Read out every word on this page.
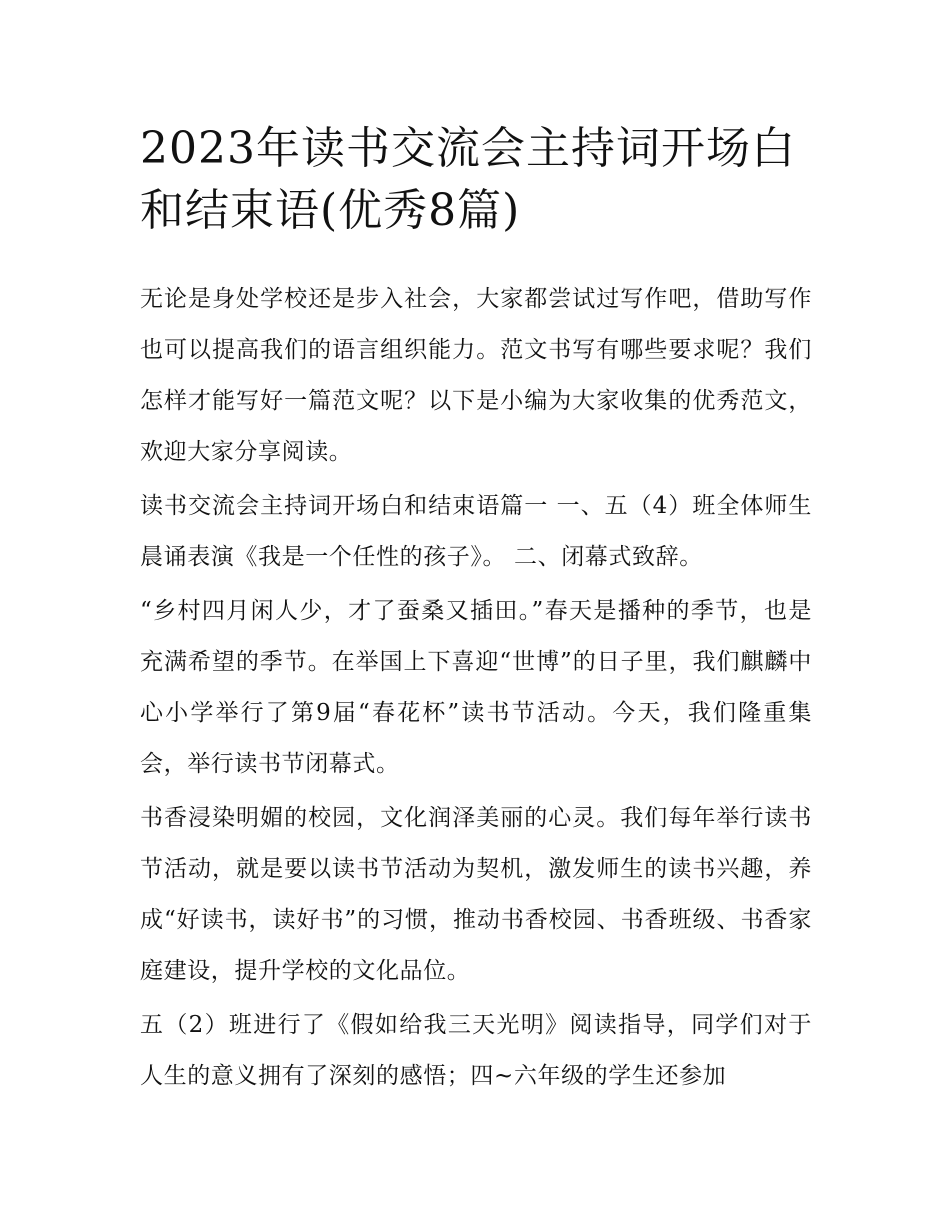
2023年读书交流会主持词开场白和结束语(优秀8篇)

无论是身处学校还是步入社会，大家都尝试过写作吧，借助写作也可以提高我们的语言组织能力。范文书写有哪些要求呢？我们怎样才能写好一篇范文呢？以下是小编为大家收集的优秀范文，欢迎大家分享阅读。

读书交流会主持词开场白和结束语篇一 一、五（4）班全体师生晨诵表演《我是一个任性的孩子》。 二、闭幕式致辞。

“乡村四月闲人少，才了蚕桑又插田。”春天是播种的季节，也是充满希望的季节。在举国上下喜迎“世博”的日子里，我们麒麟中心小学举行了第9届“春花杯”读书节活动。今天，我们隆重集会，举行读书节闭幕式。

书香浸染明媚的校园，文化润泽美丽的心灵。我们每年举行读书节活动，就是要以读书节活动为契机，激发师生的读书兴趣，养成“好读书，读好书”的习惯，推动书香校园、书香班级、书香家庭建设，提升学校的文化品位。

五（2）班进行了《假如给我三天光明》阅读指导，同学们对于人生的意义拥有了深刻的感悟；四~六年级的学生还参加
